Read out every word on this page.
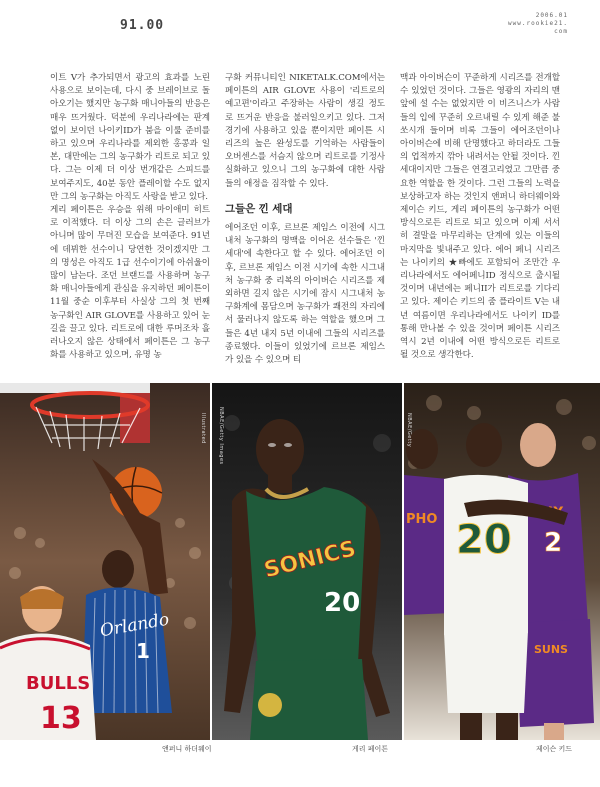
91.00
2006.01
www.rookie21.
com

이트 V가 추가되면서 광고의 효과를 노린 사용으로 보이는데, 다시 중 브레이브로 돌아오기는 했지만 농구화 매니아들의 반응은 매우 뜨거웠다. 덕분에 우리나라에는 판계없이 보이던 나이키ID가 붐을 이룰 준비를 하고 있으며 우리나라를 제외한 홍콩과 일본, 대만에는 그의 농구화가 리트로 되고 있다. 그는 이제 더 이상 번개같은 스피드를 보여주지도, 40분 동안 플레이할 수도 없지만 그의 농구화는 아직도 사랑을 받고 있다.

게리 페이튼은 우승을 위해 마이애미 히트로 이적했다. 더 이상 그의 손은 글러브가 아니며 많이 무뎌진 모습을 보여준다. 91년에 데뷔한 선수이니 당연한 것이겠지만 그의 명성은 아직도 1급 선수이기에 아쉬울이 많이 남는다. 조던 브랜드를 사용하며 농구화 매니아들에게 관심을 유지하던 페이튼이 11월 중순 이후부터 사실상 그의 첫 번째 농구화인 AIR GLOVE를 사용하고 있어 눈길을 끌고 있다. 리트로에 대한 루머조차 흘러나오지 않은 상태에서 페이튼은 그 농구화를 사용하고 있으며, 유명 농

구화 커뮤니티인 NIKETALK.COM에서는 페이튼의 AIR GLOVE 사용이 '리트로의 예고편'이라고 주장하는 사람이 생길 정도로 뜨거운 반응을 불러일으키고 있다. 그저 경기에 사용하고 있을 뿐이지만 페이튼 시리즈의 높은 완성도를 기억하는 사람들이 오버센스를 서슴지 않으며 리트로를 기정사실화하고 있으니 그의 농구화에 대한 사람들의 애정을 짐작할 수 있다.

그들은 낀 세대

에어조던 이후, 르브론 제임스 이전에 시그내처 농구화의 명맥을 이어온 선수들은 '낀 세대'에 속한다고 할 수 있다. 에어조던 이후, 르브론 제임스 이전 시기에 속한 시그내처 농구화 중 리복의 아이버슨 시리즈를 제외하면 길지 않은 시기에 잠시 시그내처 농구화계에 몸담으며 농구화가 쾌전의 자리에서 물러나지 않도록 하는 역할을 했으며 그들은 4년 내지 5년 이내에 그들의 시리즈를 종료했다. 이들이 있었기에 르브론 제임스가 있을 수 있으며 티

맥과 아이버슨이 꾸준하게 시리즈를 전개할 수 있었던 것이다. 그들은 영광의 자리의 맨 앞에 설 수는 없었지만 이 비즈니스가 사람들의 입에 꾸준히 오르내릴 수 있게 해준 불쏘시개 들이며 비록 그들이 에어조던이나 아이버슨에 비해 단명했다고 하더라도 그들의 업적까지 깎아 내려서는 안될 것이다. 낀 세대이지만 그들은 연결고리였고 그만큼 중요한 역할을 한 것이다. 그런 그들의 노력을 보상하고자 하는 것인지 앤퍼니 하더웨이와 제이슨 키드, 게리 페이튼의 농구화가 어떤 방식으로든 리트로 되고 있으며 이제 서서히 결말을 마무리하는 단계에 있는 이들의 마지막을 빛내주고 있다. 에어 페니 시리즈는 나이키의 ★빠에도 포함되어 조만간 우리나라에서도 에어페니ID 정식으로 출시될 것이며 내년에는 페니II가 리트로를 기다리고 있다. 제이슨 키드의 줌 플라이트 V는 내년 여름이면 우리나라에서도 나이키 ID를 통해 만나볼 수 있을 것이며 페이튼 시리즈 역시 2년 이내에 어떤 방식으로든 리트로 될 것으로 생각한다.

Orlando
1
BULLS
13
Illustrated
SONICS
20
NBAE/Getty Images
PHO
2
SUNS
20
NBAE/Getty
앤퍼니 하더웨이	게리 페이튼	제이슨 키드
